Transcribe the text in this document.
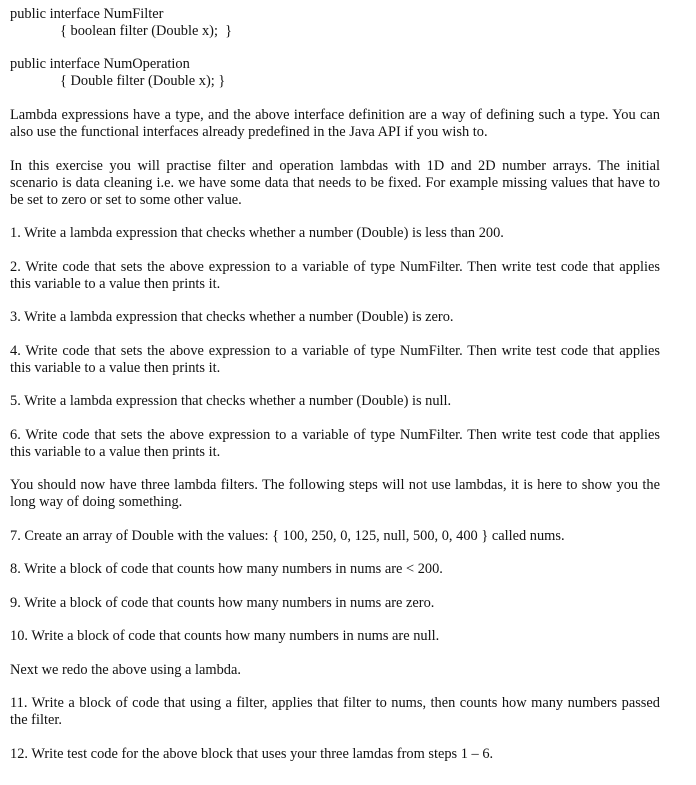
public interface NumFilter
{ boolean filter (Double x);  }
public interface NumOperation
{ Double filter (Double x); }

Lambda expressions have a type, and the above interface definition are a way of defining such a type. You can also use the functional interfaces already predefined in the Java API if you wish to.

In this exercise you will practise filter and operation lambdas with 1D and 2D number arrays. The initial scenario is data cleaning i.e. we have some data that needs to be fixed. For example missing values that have to be set to zero or set to some other value.

1. Write a lambda expression that checks whether a number (Double) is less than 200.

2. Write code that sets the above expression to a variable of type NumFilter. Then write test code that applies this variable to a value then prints it.

3. Write a lambda expression that checks whether a number (Double) is zero.

4. Write code that sets the above expression to a variable of type NumFilter. Then write test code that applies this variable to a value then prints it.

5. Write a lambda expression that checks whether a number (Double) is null.

6. Write code that sets the above expression to a variable of type NumFilter. Then write test code that applies this variable to a value then prints it.

You should now have three lambda filters. The following steps will not use lambdas, it is here to show you the long way of doing something.

7. Create an array of Double with the values: { 100, 250, 0, 125, null, 500, 0, 400 } called nums.

8. Write a block of code that counts how many numbers in nums are < 200.

9. Write a block of code that counts how many numbers in nums are zero.

10. Write a block of code that counts how many numbers in nums are null.

Next we redo the above using a lambda.

11. Write a block of code that using a filter, applies that filter to nums, then counts how many numbers passed the filter.

12. Write test code for the above block that uses your three lamdas from steps 1 – 6.
